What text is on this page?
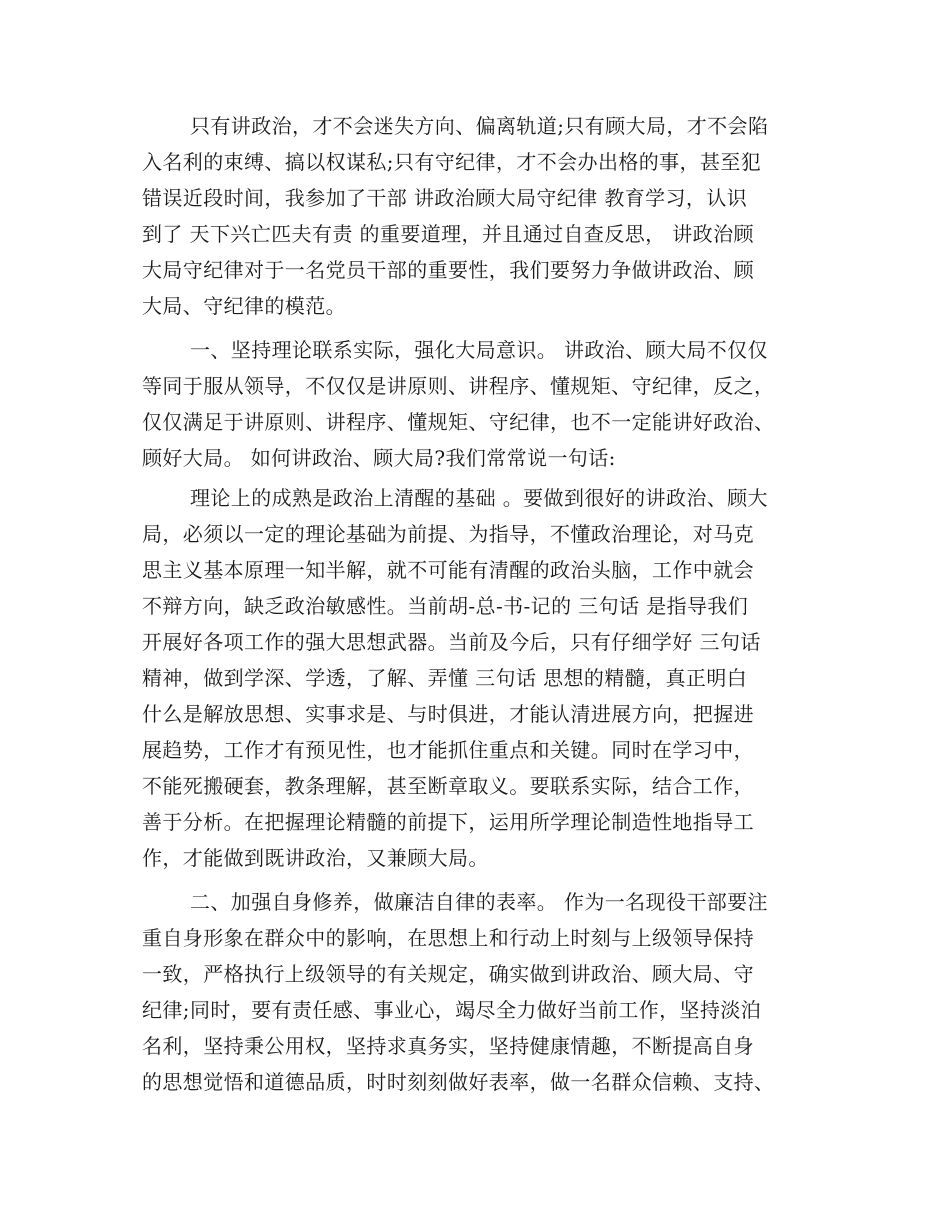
只有讲政治，才不会迷失方向、偏离轨道;只有顾大局，才不会陷
入名利的束缚、搞以权谋私;只有守纪律，才不会办出格的事，甚至犯
错误近段时间，我参加了干部 讲政治顾大局守纪律 教育学习，认识
到了 天下兴亡匹夫有责 的重要道理，并且通过自查反思， 讲政治顾
大局守纪律对于一名党员干部的重要性，我们要努力争做讲政治、顾
大局、守纪律的模范。
一、坚持理论联系实际，强化大局意识。 讲政治、顾大局不仅仅
等同于服从领导，不仅仅是讲原则、讲程序、懂规矩、守纪律，反之，
仅仅满足于讲原则、讲程序、懂规矩、守纪律，也不一定能讲好政治、
顾好大局。 如何讲政治、顾大局?我们常常说一句话:
理论上的成熟是政治上清醒的基础 。要做到很好的讲政治、顾大
局，必须以一定的理论基础为前提、为指导，不懂政治理论，对马克
思主义基本原理一知半解，就不可能有清醒的政治头脑，工作中就会
不辩方向，缺乏政治敏感性。当前胡-总-书-记的 三句话 是指导我们
开展好各项工作的强大思想武器。当前及今后，只有仔细学好 三句话
精神，做到学深、学透，了解、弄懂 三句话 思想的精髓，真正明白
什么是解放思想、实事求是、与时俱进，才能认清进展方向，把握进
展趋势，工作才有预见性，也才能抓住重点和关键。同时在学习中，
不能死搬硬套，教条理解，甚至断章取义。要联系实际，结合工作，
善于分析。在把握理论精髓的前提下，运用所学理论制造性地指导工
作，才能做到既讲政治，又兼顾大局。
二、加强自身修养，做廉洁自律的表率。 作为一名现役干部要注
重自身形象在群众中的影响，在思想上和行动上时刻与上级领导保持
一致，严格执行上级领导的有关规定，确实做到讲政治、顾大局、守
纪律;同时，要有责任感、事业心，竭尽全力做好当前工作，坚持淡泊
名利，坚持秉公用权，坚持求真务实，坚持健康情趣，不断提高自身
的思想觉悟和道德品质，时时刻刻做好表率，做一名群众信赖、支持、
